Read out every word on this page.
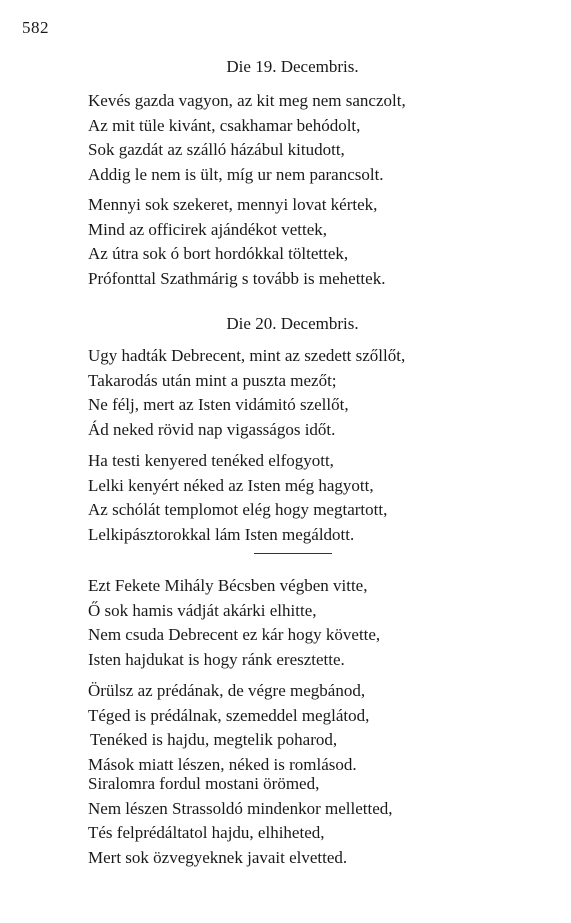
582
Die 19. Decembris.
Kevés gazda vagyon, az kit meg nem sanczolt,
Az mit tüle kivánt, csakhamar behódolt,
Sok gazdát az szálló házábul kitudott,
Addig le nem is ült, míg ur nem parancsolt.
Mennyi sok szekeret, mennyi lovat kértek,
Mind az officirek ajándékot vettek,
Az útra sok ó bort hordókkal töltettek,
Prófonttal Szathmárig s tovább is mehettek.
Die 20. Decembris.
Ugy hadták Debrecent, mint az szedett szőllőt,
Takarodás után mint a puszta mezőt;
Ne félj, mert az Isten vidámitó szellőt,
Ád neked rövid nap vigasságos időt.
Ha testi kenyered tenéked elfogyott,
Lelki kenyért néked az Isten még hagyott,
Az schólát templomot elég hogy megtartott,
Lelkipásztorokkal lám Isten megáldott.
Ezt Fekete Mihály Bécsben végben vitte,
Ő sok hamis vádját akárki elhitte,
Nem csuda Debrecent ez kár hogy követte,
Isten hajdukat is hogy ránk eresztette.
Örülsz az prédának, de végre megbánod,
Téged is prédálnak, szemeddel meglátod,
Tenéked is hajdu, megtelik poharod,
Mások miatt lészen, néked is romlásod.
Siralomra fordul mostani örömed,
Nem lészen Strassoldó mindenkor melletted,
Tés felprédáltatol hajdu, elhiheted,
Mert sok özvegyeknek javait elvetted.
